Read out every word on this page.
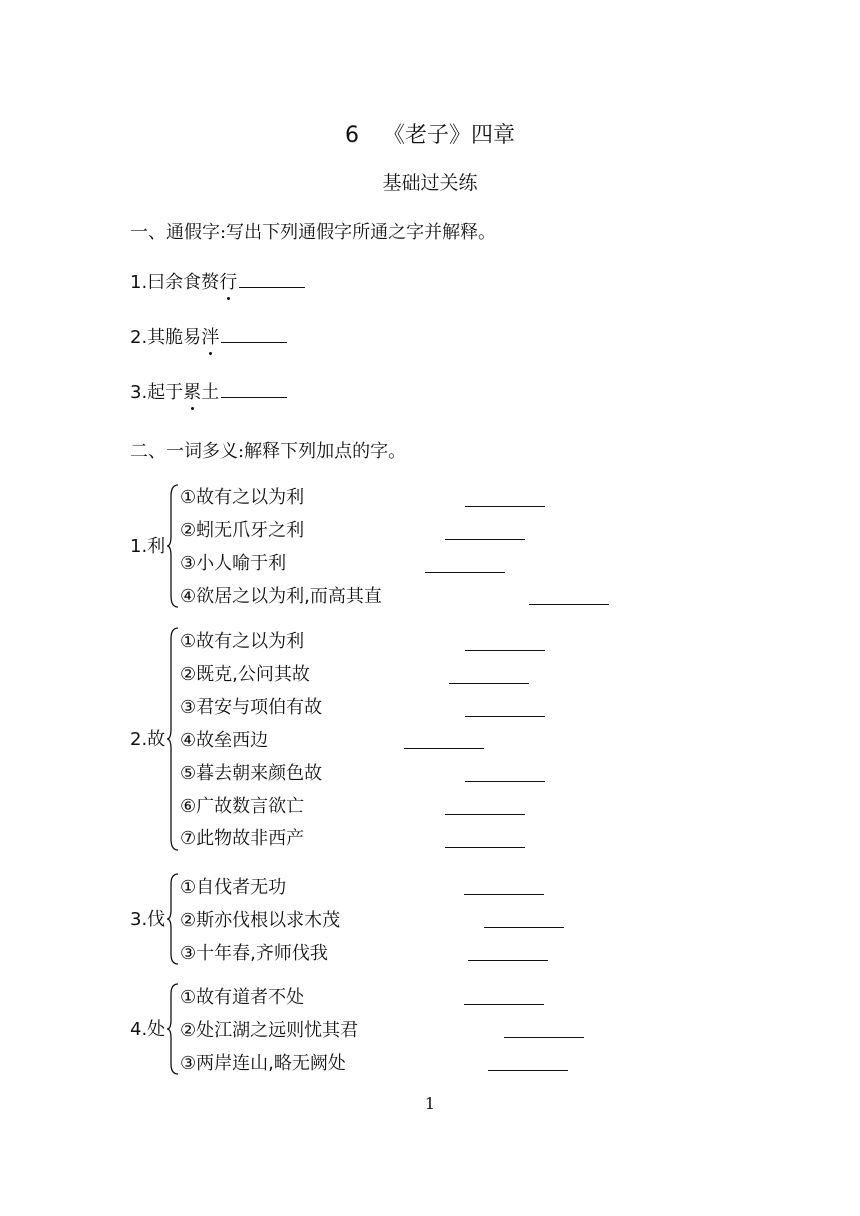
6 《老子》四章
基础过关练
一、通假字:写出下列通假字所通之字并解释。
1.曰余食赘行
2.其脆易泮
3.起于累土
二、一词多义:解释下列加点的字。
1.利
①故有之以为利
②蚓无爪牙之利
③小人喻于利
④欲居之以为利,而高其直
2.故
①故有之以为利
②既克,公问其故
③君安与项伯有故
④故垒西边
⑤暮去朝来颜色故
⑥广故数言欲亡
⑦此物故非西产
3.伐
①自伐者无功
②斯亦伐根以求木茂
③十年春,齐师伐我
4.处
①故有道者不处
②处江湖之远则忧其君
③两岸连山,略无阙处
1
